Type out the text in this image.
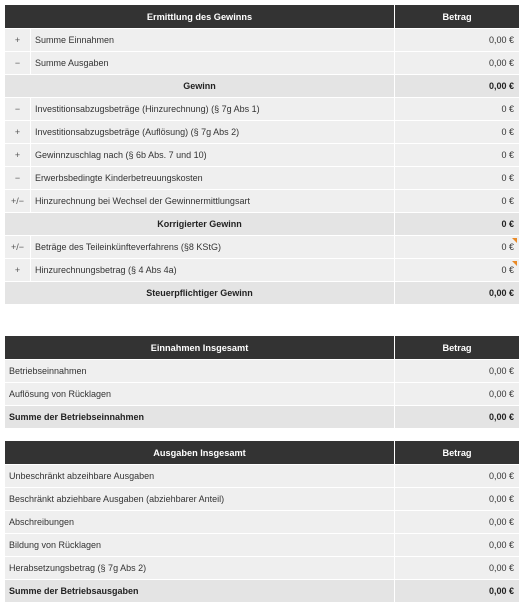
Ermittlung des Gewinns		Betrag
+	Summe Einnahmen	0,00 €
−	Summe Ausgaben	0,00 €
Gewinn		0,00 €
−	Investitionsabzugsbeträge (Hinzurechnung) (§ 7g Abs 1)	0 €
+	Investitionsabzugsbeträge (Auflösung) (§ 7g Abs 2)	0 €
+	Gewinnzuschlag nach (§ 6b Abs. 7 und 10)	0 €
−	Erwerbsbedingte Kinderbetreuungskosten	0 €
+/−	Hinzurechnung bei Wechsel der Gewinnermittlungsart	0 €
Korrigierter Gewinn		0 €
+/−	Beträge des Teileinkünfteverfahrens (§8 KStG)	0 €
+	Hinzurechnungsbetrag (§ 4 Abs 4a)	0 €
Steuerpflichtiger Gewinn		0,00 €
Einnahmen Insgesamt	Betrag
Betriebseinnahmen	0,00 €
Auflösung von Rücklagen	0,00 €
Summe der Betriebseinnahmen	0,00 €
Ausgaben Insgesamt	Betrag
Unbeschränkt abzeihbare Ausgaben	0,00 €
Beschränkt abziehbare Ausgaben (abziehbarer Anteil)	0,00 €
Abschreibungen	0,00 €
Bildung von Rücklagen	0,00 €
Herabsetzungsbetrag (§ 7g Abs 2)	0,00 €
Summe der Betriebsausgaben	0,00 €
